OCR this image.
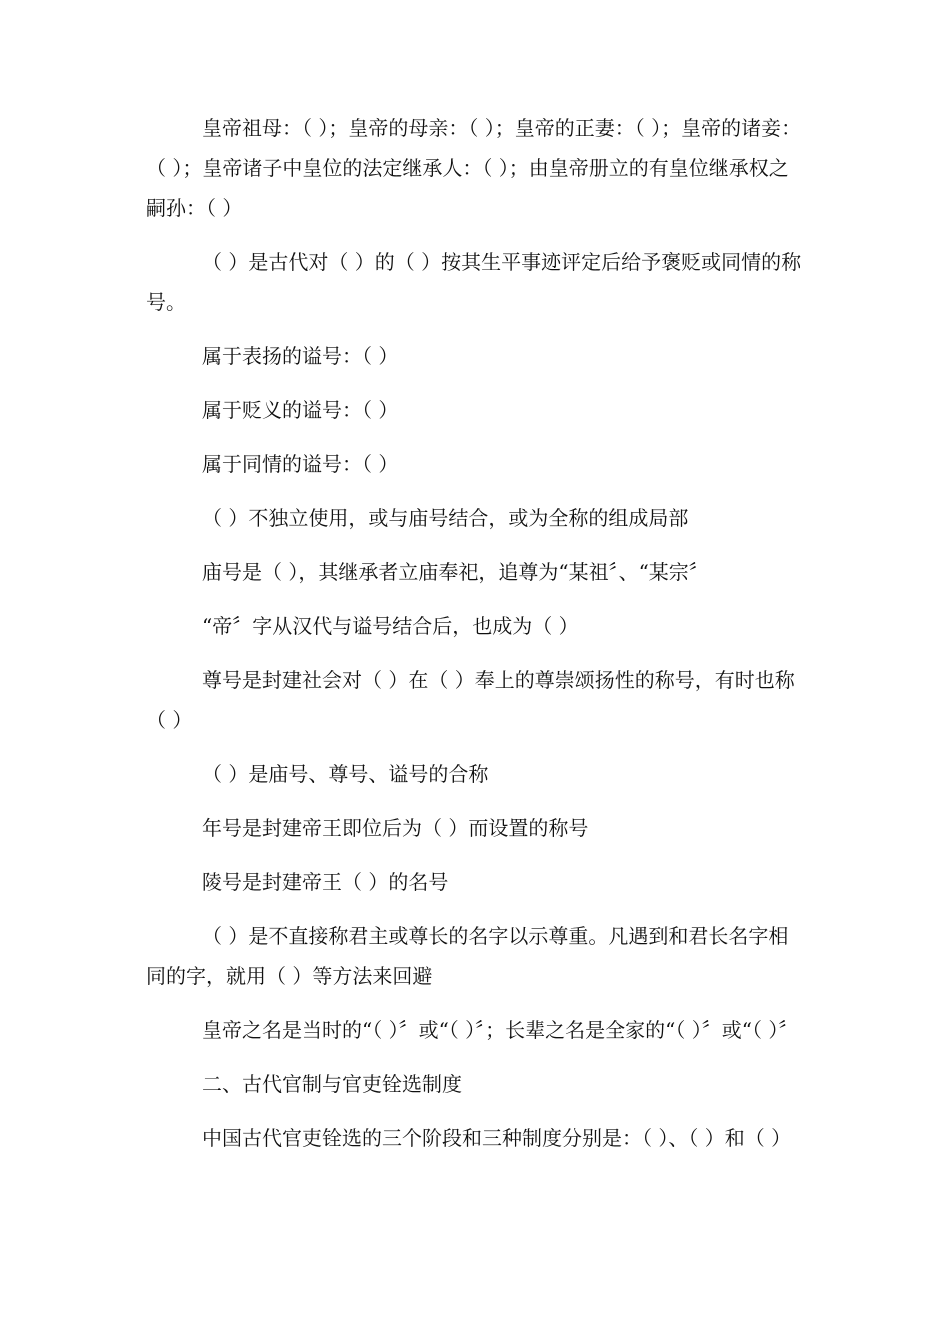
皇帝祖母：（ ）；皇帝的母亲：（ ）；皇帝的正妻：（ ）；皇帝的诸妾：（ ）；皇帝诸子中皇位的法定继承人：（ ）；由皇帝册立的有皇位继承权之嗣孙：（ ）

（ ）是古代对（ ）的（ ）按其生平事迹评定后给予褒贬或同情的称号。

属于表扬的谥号：（ ）

属于贬义的谥号：（ ）

属于同情的谥号：（ ）

（ ）不独立使用，或与庙号结合，或为全称的组成局部

庙号是（ ），其继承者立庙奉祀，追尊为“某祖〞、“某宗〞

“帝〞字从汉代与谥号结合后，也成为（ ）

尊号是封建社会对（ ）在（ ）奉上的尊崇颂扬性的称号，有时也称（ ）

（ ）是庙号、尊号、谥号的合称

年号是封建帝王即位后为（ ）而设置的称号

陵号是封建帝王（ ）的名号

（ ）是不直接称君主或尊长的名字以示尊重。凡遇到和君长名字相同的字，就用（ ）等方法来回避

皇帝之名是当时的“（ ）〞或“（ ）〞；长辈之名是全家的“（ ）〞或“（ ）〞

二、古代官制与官吏铨选制度

中国古代官吏铨选的三个阶段和三种制度分别是：（ ）、（ ）和（ ）
